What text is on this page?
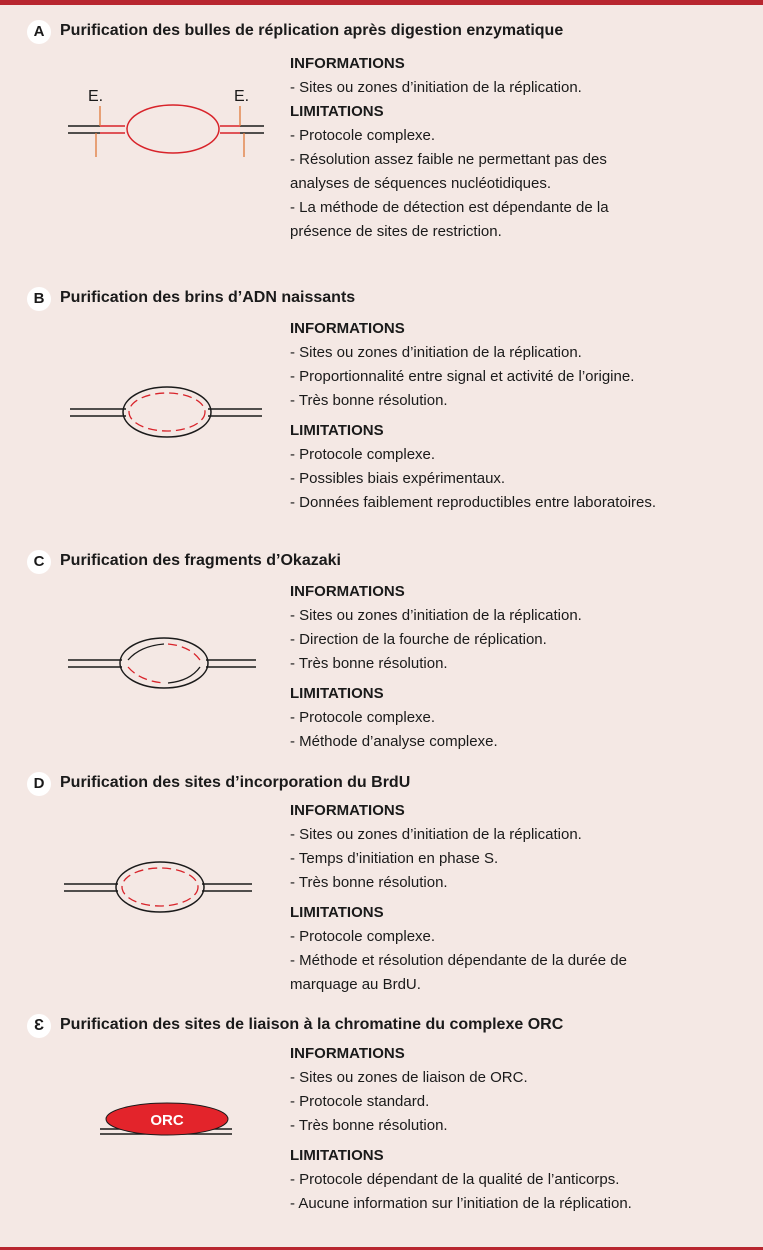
A Purification des bulles de réplication après digestion enzymatique
INFORMATIONS
- Sites ou zones d’initiation de la réplication.
LIMITATIONS
- Protocole complexe.
- Résolution assez faible ne permettant pas des
analyses de séquences nucléotidiques.
- La méthode de détection est dépendante de la
présence de sites de restriction.
E.	E.
B Purification des brins d’ADN naissants
INFORMATIONS
- Sites ou zones d’initiation de la réplication.
- Proportionnalité entre signal et activité de l’origine.
- Très bonne résolution.
LIMITATIONS
- Protocole complexe.
- Possibles biais expérimentaux.
- Données faiblement reproductibles entre laboratoires.
C Purification des fragments d’Okazaki
INFORMATIONS
- Sites ou zones d’initiation de la réplication.
- Direction de la fourche de réplication.
- Très bonne résolution.
LIMITATIONS
- Protocole complexe.
- Méthode d’analyse complexe.
D Purification des sites d’incorporation du BrdU
INFORMATIONS
- Sites ou zones d’initiation de la réplication.
- Temps d’initiation en phase S.
- Très bonne résolution.
LIMITATIONS
- Protocole complexe.
- Méthode et résolution dépendante de la durée de
marquage au BrdU.
Ɛ Purification des sites de liaison à la chromatine du complexe ORC
INFORMATIONS
- Sites ou zones de liaison de ORC.
- Protocole standard.
- Très bonne résolution.
LIMITATIONS
- Protocole dépendant de la qualité de l’anticorps.
- Aucune information sur l’initiation de la réplication.
ORC
